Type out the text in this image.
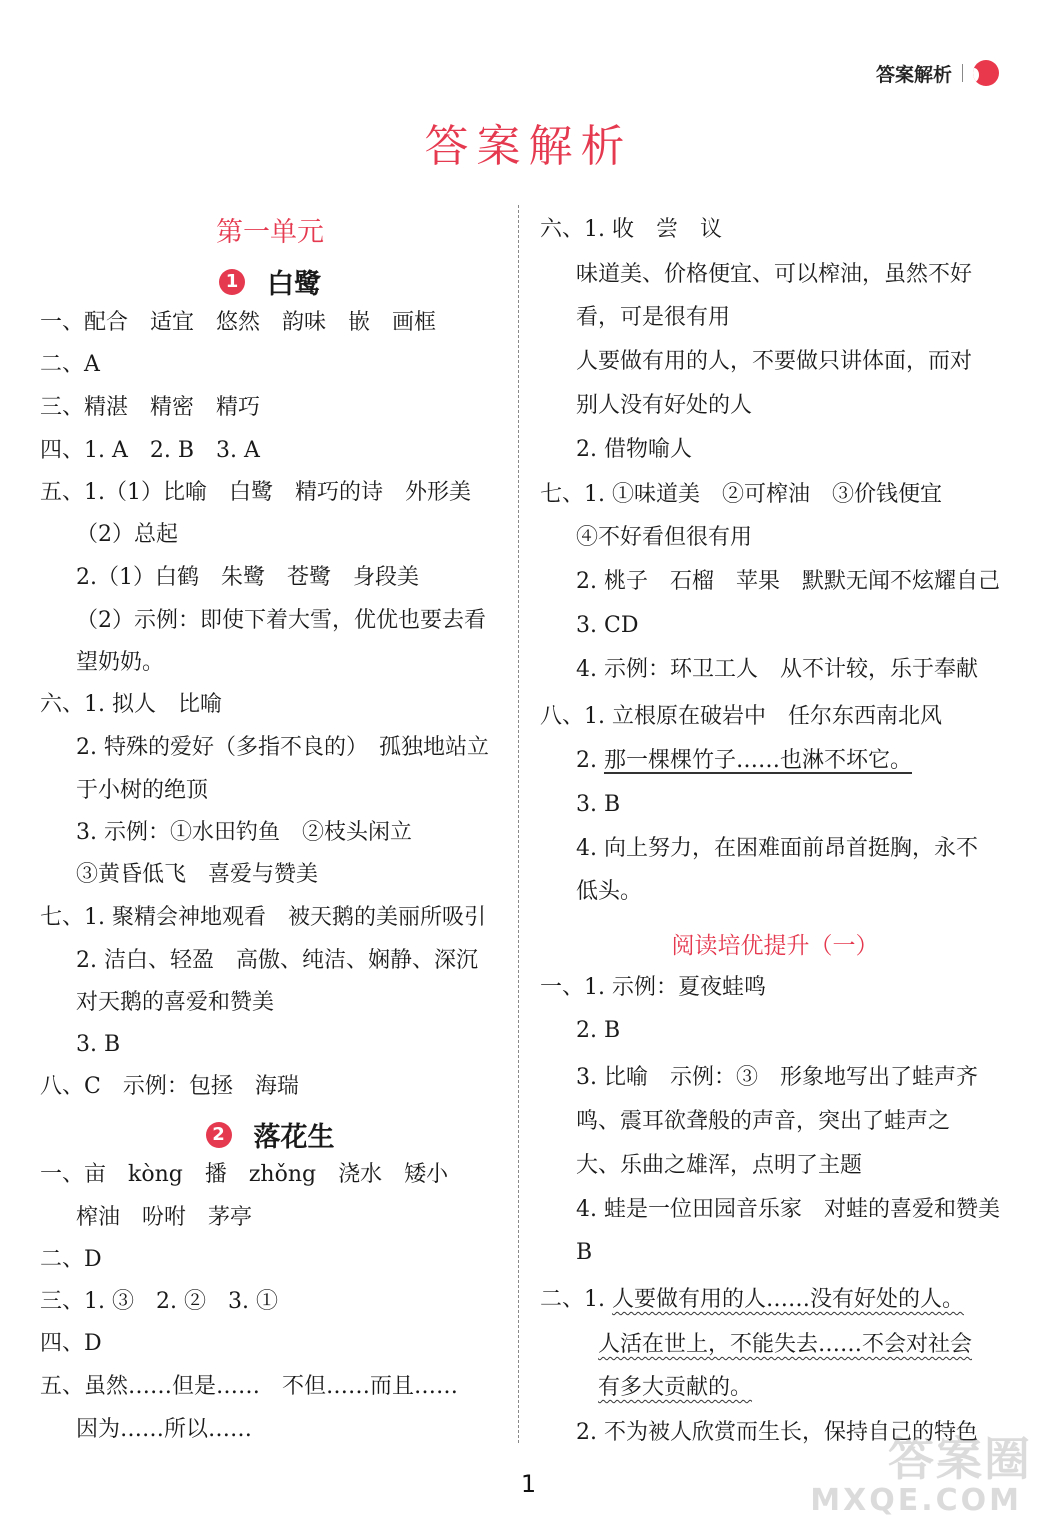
答案解析
答案解析
第一单元
1 白鹭
一、配合　适宜　悠然　韵味　嵌　画框
二、A
三、精湛　精密　精巧
四、1. A　2. B　3. A
五、1.（1）比喻　白鹭　精巧的诗　外形美
（2）总起
2.（1）白鹤　朱鹭　苍鹭　身段美
（2）示例：即使下着大雪，优优也要去看
望奶奶。
六、1. 拟人　比喻
2. 特殊的爱好（多指不良的）　孤独地站立
于小树的绝顶
3. 示例：①水田钓鱼　②枝头闲立
③黄昏低飞　喜爱与赞美
七、1. 聚精会神地观看　被天鹅的美丽所吸引
2. 洁白、轻盈　高傲、纯洁、娴静、深沉
对天鹅的喜爱和赞美
3. B
八、C　示例：包拯　海瑞
2 落花生
一、亩　kòng　播　zhǒng　浇水　矮小
榨油　吩咐　茅亭
二、D
三、1. ③　2. ②　3. ①
四、D
五、虽然……但是……　不但……而且……
因为……所以……
六、1. 收　尝　议
味道美、价格便宜、可以榨油，虽然不好
看，可是很有用
人要做有用的人，不要做只讲体面，而对
别人没有好处的人
2. 借物喻人
七、1. ①味道美　②可榨油　③价钱便宜
④不好看但很有用
2. 桃子　石榴　苹果　默默无闻不炫耀自己
3. CD
4. 示例：环卫工人　从不计较，乐于奉献
八、1. 立根原在破岩中　任尔东西南北风
2. 那一棵棵竹子……也淋不坏它。
3. B
4. 向上努力，在困难面前昂首挺胸，永不
低头。
阅读培优提升（一）
一、1. 示例：夏夜蛙鸣
2. B
3. 比喻　示例：③　形象地写出了蛙声齐
鸣、震耳欲聋般的声音，突出了蛙声之
大、乐曲之雄浑，点明了主题
4. 蛙是一位田园音乐家　对蛙的喜爱和赞美
B
二、1. 人要做有用的人……没有好处的人。
人活在世上，不能失去……不会对社会
有多大贡献的。
2. 不为被人欣赏而生长，保持自己的特色
1	答案圈
MXQE.COM
